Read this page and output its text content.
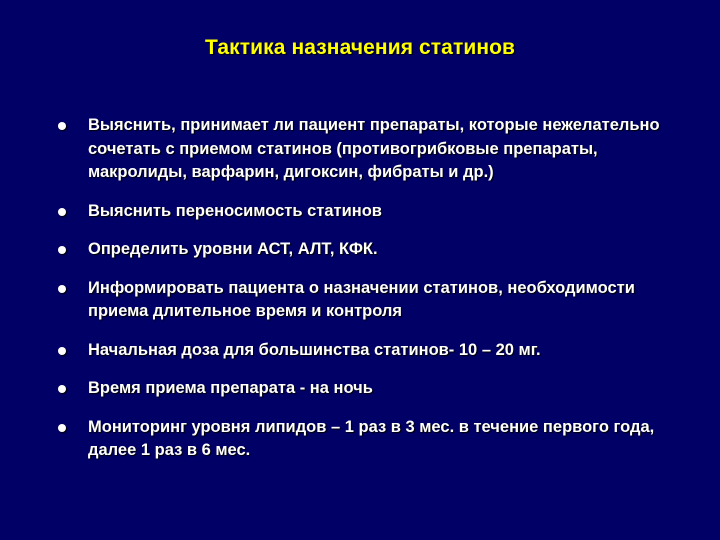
Тактика назначения статинов
Выяснить, принимает ли пациент препараты, которые нежелательно сочетать с приемом статинов (противогрибковые препараты, макролиды, варфарин, дигоксин, фибраты и др.)
Выяснить переносимость статинов
Определить уровни АСТ, АЛТ, КФК.
Информировать пациента о назначении статинов, необходимости приема длительное время и контроля
Начальная доза для большинства статинов- 10 – 20 мг.
Время приема препарата - на ночь
Мониторинг уровня липидов – 1 раз в 3 мес. в течение первого года, далее 1 раз в 6 мес.
